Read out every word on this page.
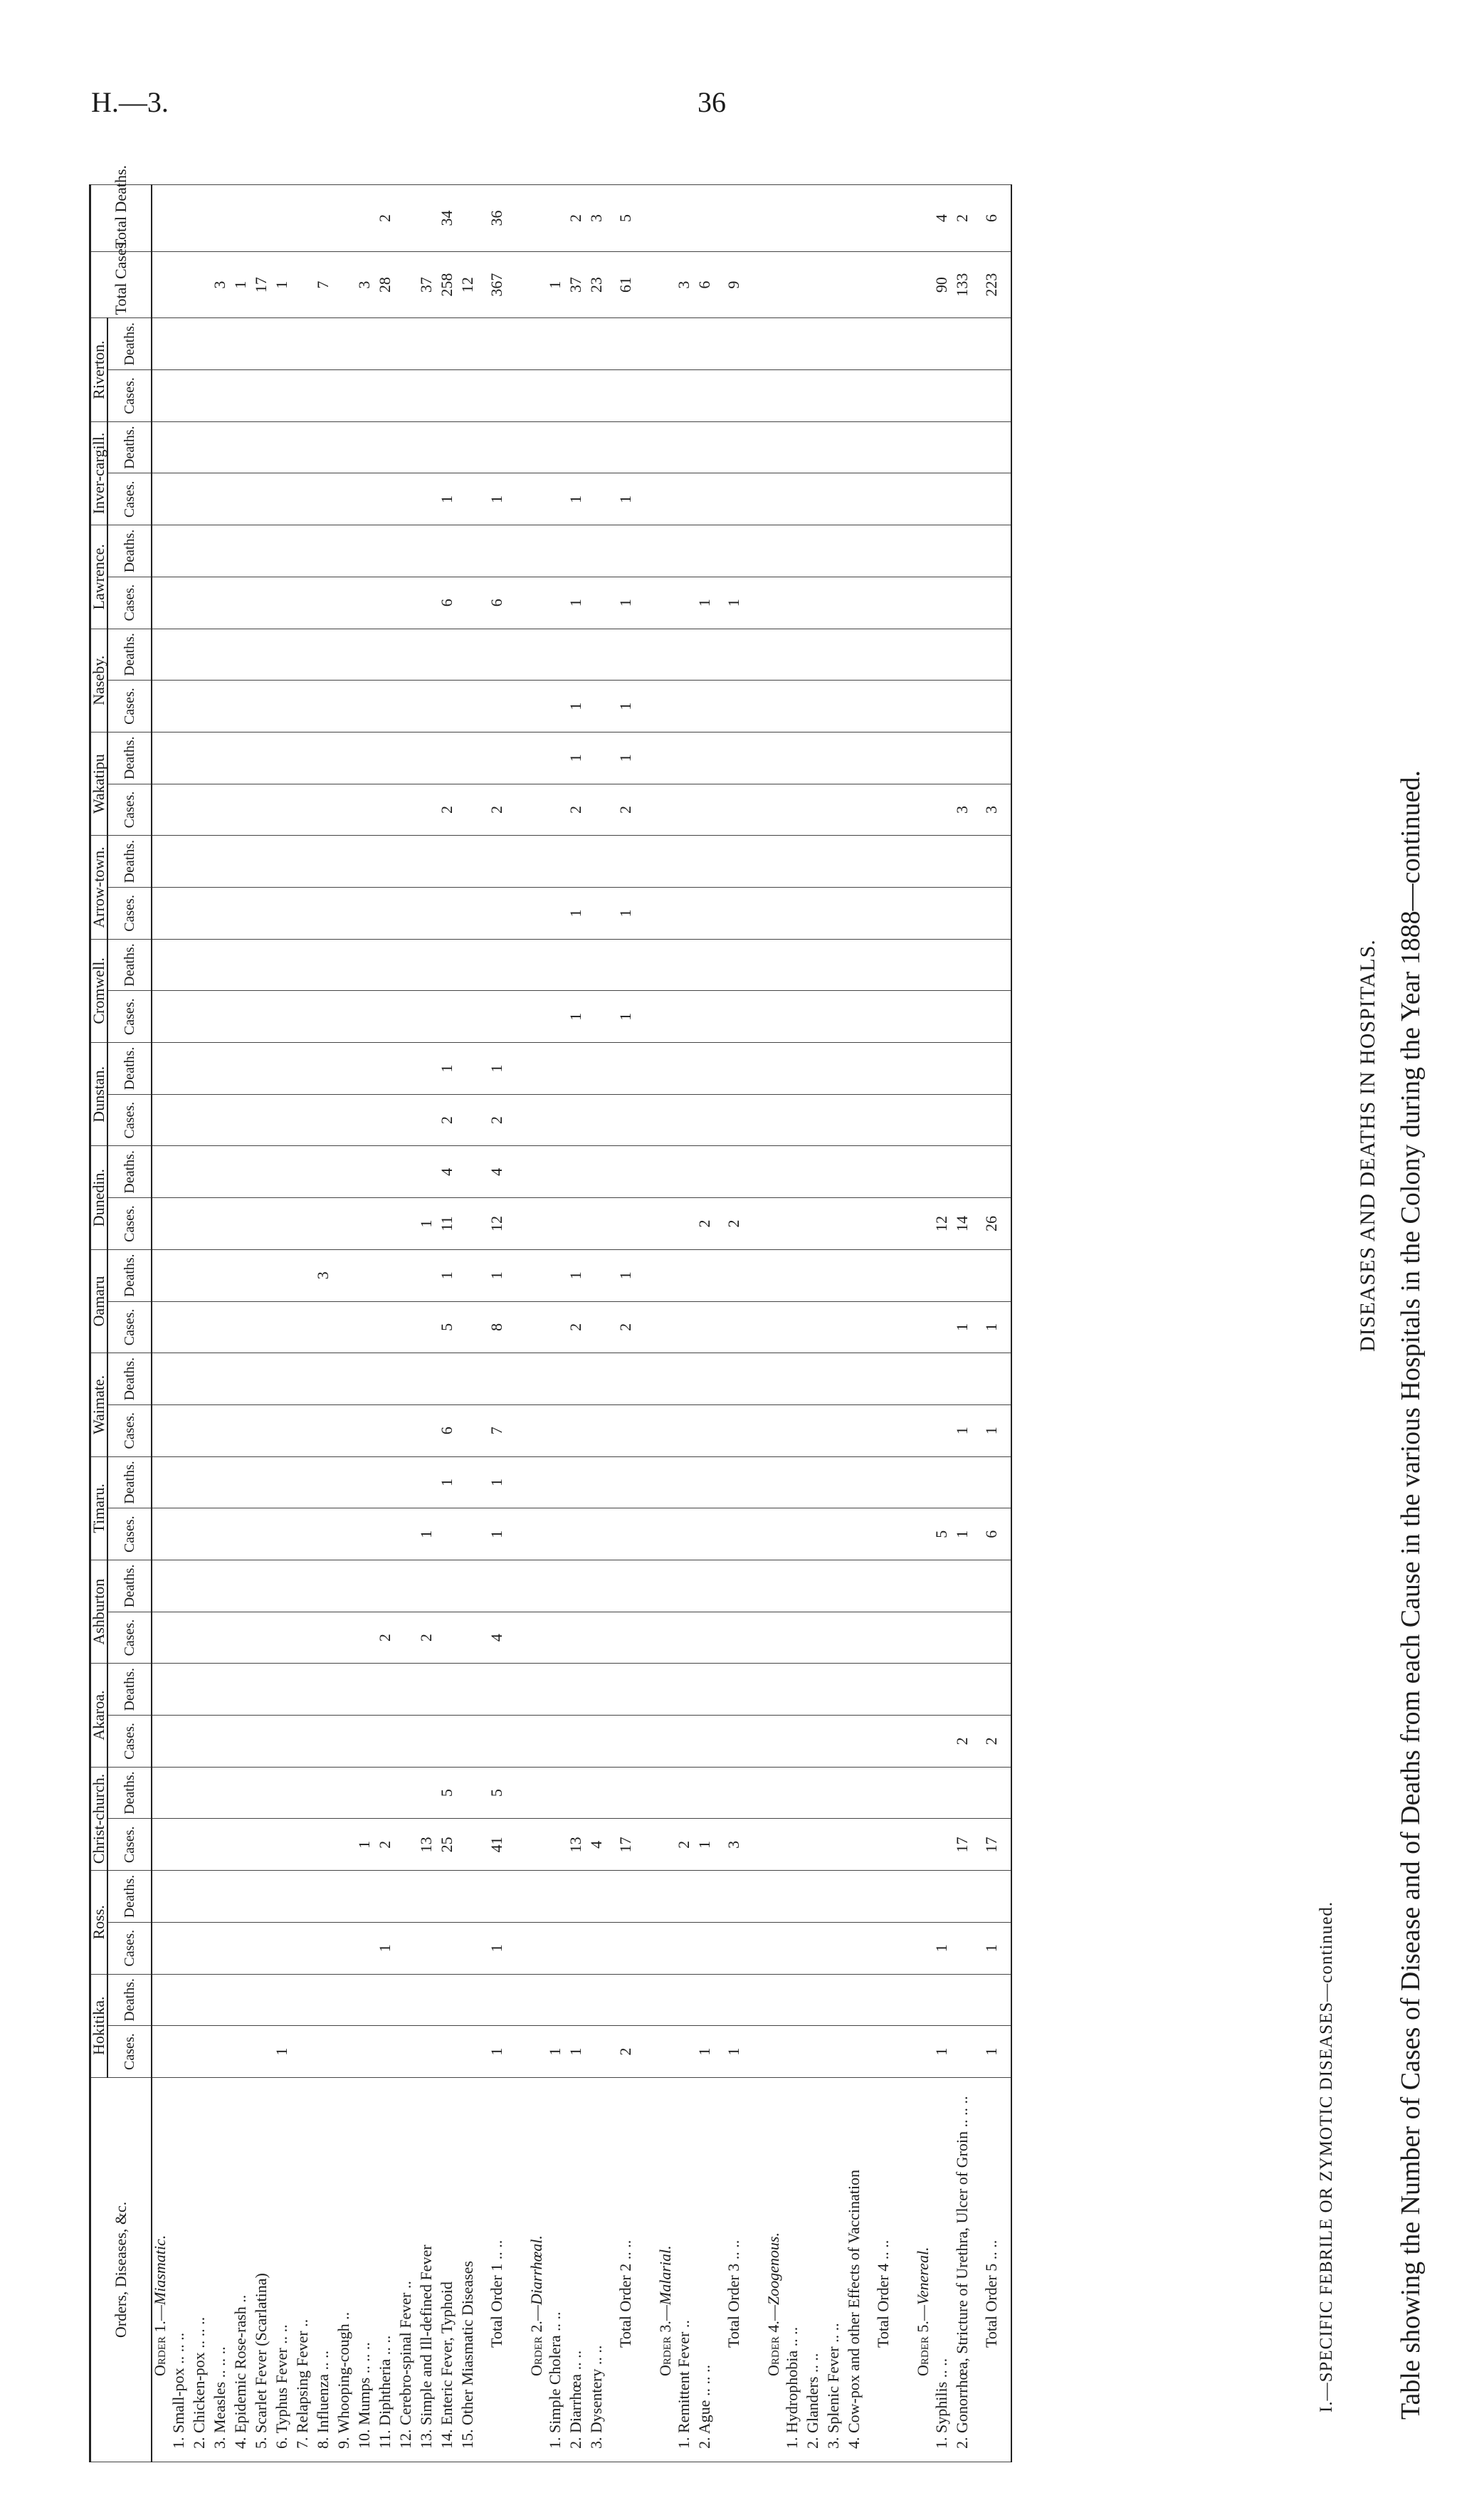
H.—3.	36
DISEASES AND DEATHS IN HOSPITALS. Table showing the Number of Cases of Disease and of Deaths from each Cause in the various Hospitals in the Colony during the Year 1888—continued.
I.—SPECIFIC FEBRILE OR ZYMOTIC DISEASES—continued.
Orders, Diseases, &c.	Hokitika.		Ross.		Christ-church.		Akaroa.		Ashburton		Timaru.		Waimate.		Oamaru		Dunedin.		Dunstan.		Cromwell.		Arrow-town.		Wakatipu		Naseby.		Lawrence.		Inver-cargill.		Riverton.		Total Cases.	Total Deaths.
	Cases.	Deaths.	Cases.	Deaths.	Cases.	Deaths.	Cases.	Deaths.	Cases.	Deaths.	Cases.	Deaths.	Cases.	Deaths.	Cases.	Deaths.	Cases.	Deaths.	Cases.	Deaths.	Cases.	Deaths.	Cases.	Deaths.	Cases.	Deaths.	Cases.	Deaths.	Cases.	Deaths.	Cases.	Deaths.	Cases.	Deaths.		
Order 1.—Miasmatic.																																				
1. Small-pox .. .. ..																																				
2. Chicken-pox .. .. ..																																				
3. Measles .. .. ..																																			3	
4. Epidemic Rose-rash ..																																			1	
5. Scarlet Fever (Scarlatina)																																			17	
6. Typhus Fever .. ..	1																																		1	
7. Relapsing Fever ..																																				
8. Influenza .. ..																3																			7	
9. Whooping-cough ..																																				
10. Mumps .. .. ..					1																														3	
11. Diphtheria .. ..			1		2				2																										28	2
12. Cerebro-spinal Fever ..																																				
13. Simple and Ill-defined Fever					13				2		1						1																		37	
14. Enteric Fever, Typhoid					25	5						1	6		5	1	11	4	2	1					2				6		1				258	34
15. Other Miasmatic Diseases																																			12	
Total Order 1 .. ..	1		1		41	5			4		1	1	7		8	1	12	4	2	1					2				6		1				367	36

Order 2.—Diarrhœal.																																				
1. Simple Cholera .. ..	1																																		1	
2. Diarrhœa .. ..	1				13										2	1					1		1		2	1	1		1		1				37	2
3. Dysentery .. ..					4																														23	3
Total Order 2 .. ..	2				17										2	1					1		1		2	1	1		1		1				61	5

Order 3.—Malarial.																																				
1. Remittent Fever ..					2																														3	
2. Ague .. .. ..	1				1												2												1						6	
Total Order 3 .. ..	1				3												2												1						9	

Order 4.—Zoogenous.																																				
1. Hydrophobia .. ..																																				
2. Glanders .. ..																																				
3. Splenic Fever .. ..																																				
4. Cow-pox and other Effects of Vaccination																																				
Total Order 4 .. ..																																				

Order 5.—Venereal.																																				
1. Syphilis .. ..	1		1								5						12																		90	4
2. Gonorrhœa, Stricture of Urethra, Ulcer of Groin .. .. ..					17		2				1		1		1		14								3										133	2
Total Order 5 .. ..	1		1		17		2				6		1		1		26								3										223	6
